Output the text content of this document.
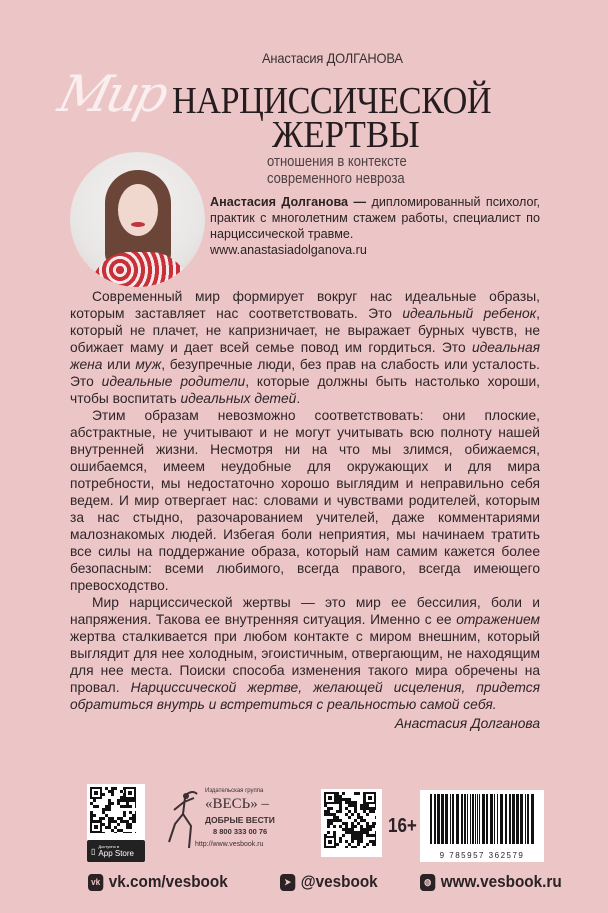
Анастасия ДОЛГАНОВА
Мир НАРЦИССИЧЕСКОЙ
ЖЕРТВЫ
отношения в контексте
современного невроза
Анастасия Долганова — дипломированный психолог, практик с многолетним стажем работы, специалист по нарциссической травме.
www.anastasiadolganova.ru

Современный мир формирует вокруг нас идеальные образы, которым заставляет нас соответствовать. Это идеальный ребенок, который не плачет, не капризничает, не выражает бурных чувств, не обижает маму и дает всей семье повод им гордиться. Это идеальная жена или муж, безупречные люди, без прав на слабость или усталость. Это идеальные родители, которые должны быть настолько хороши, чтобы воспитать идеальных детей.

Этим образам невозможно соответствовать: они плоские, абстрактные, не учитывают и не могут учитывать всю полноту нашей внутренней жизни. Несмотря ни на что мы злимся, обижаемся, ошибаемся, имеем неудобные для окружающих и для мира потребности, мы недостаточно хорошо выглядим и неправильно себя ведем. И мир отвергает нас: словами и чувствами родителей, которым за нас стыдно, разочарованием учителей, даже комментариями малознакомых людей. Избегая боли неприятия, мы начинаем тратить все силы на поддержание образа, который нам самим кажется более безопасным: всеми любимого, всегда правого, всегда имеющего превосходство.

Мир нарциссической жертвы — это мир ее бессилия, боли и напряжения. Такова ее внутренняя ситуация. Именно с ее отражением жертва сталкивается при любом контакте с миром внешним, который выглядит для нее холодным, эгоистичным, отвергающим, не находящим для нее места. Поиски способа изменения такого мира обречены на провал. Нарциссической жертве, желающей исцеления, придется обратиться внутрь и встретиться с реальностью самой себя.

Анастасия Долганова
▯ Доступно в
App Store
Издательская группа
«ВЕСЬ» –
ДОБРЫЕ ВЕСТИ
8 800 333 00 76
http://www.vesbook.ru
16+
9 785957 362579
vk vk.com/vesbook	➤ @vesbook	◍ www.vesbook.ru
